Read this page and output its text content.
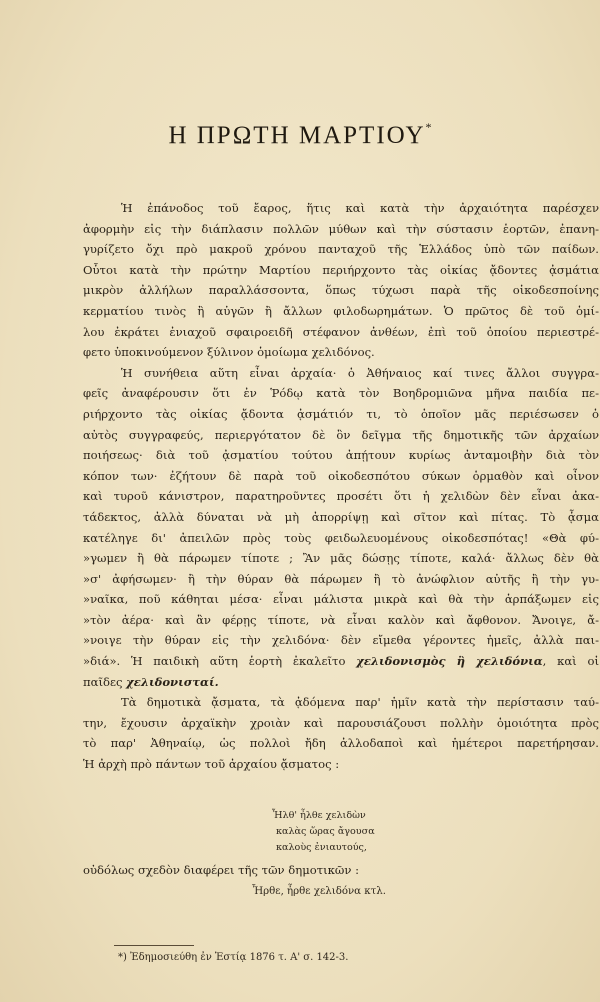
Η ΠΡΩΤΗ ΜΑΡΤΙΟΥ*
Ἡ ἐπάνοδος τοῦ ἔαρος, ἥτις καὶ κατὰ τὴν ἀρχαιότητα παρέσχεν
ἀφορμὴν εἰς τὴν διάπλασιν πολλῶν μύθων καὶ τὴν σύστασιν ἑορτῶν, ἐπανη-
γυρίζετο ὄχι πρὸ μακροῦ χρόνου πανταχοῦ τῆς Ἑλλάδος ὑπὸ τῶν παίδων.
Οὗτοι κατὰ τὴν πρώτην Μαρτίου περιήρχοντο τὰς οἰκίας ᾄδοντες ᾀσμάτια
μικρὸν ἀλλήλων παραλλάσσοντα, ὅπως τύχωσι παρὰ τῆς οἰκοδεσποίνης
κερματίου τινὸς ἢ αὐγῶν ἢ ἄλλων φιλοδωρημάτων. Ὁ πρῶτος δὲ τοῦ ὁμί-
λου ἐκράτει ἐνιαχοῦ σφαιροειδῆ στέφανον ἀνθέων, ἐπὶ τοῦ ὁποίου περιεστρέ-
φετο ὑποκινούμενον ξύλινον ὁμοίωμα χελιδόνος.
Ἡ συνήθεια αὕτη εἶναι ἀρχαία· ὁ Ἀθήναιος καί τινες ἄλλοι συγγρα-
φεῖς ἀναφέρουσιν ὅτι ἐν Ῥόδῳ κατὰ τὸν Βοηδρομιῶνα μῆνα παιδία πε-
ριήρχοντο τὰς οἰκίας ᾄδοντα ᾀσμάτιόν τι, τὸ ὁποῖον μᾶς περιέσωσεν ὁ
αὐτὸς συγγραφεύς, περιεργότατον δὲ ὂν δεῖγμα τῆς δημοτικῆς τῶν ἀρχαίων
ποιήσεως· διὰ τοῦ ᾀσματίου τούτου ἀπῄτουν κυρίως ἀνταμοιβὴν διὰ τὸν
κόπον των· ἐζήτουν δὲ παρὰ τοῦ οἰκοδεσπότου σύκων ὁρμαθὸν καὶ οἶνον
καὶ τυροῦ κάνιστρον, παρατηροῦντες προσέτι ὅτι ἡ χελιδὼν δὲν εἶναι ἀκα-
τάδεκτος, ἀλλὰ δύναται νὰ μὴ ἀπορρίψῃ καὶ σῖτον καὶ πίτας. Τὸ ᾆσμα
κατέληγε δι' ἀπειλῶν πρὸς τοὺς φειδωλευομένους οἰκοδεσπότας! «Θὰ φύ-
»γωμεν ἢ θὰ πάρωμεν τίποτε ; Ἂν μᾶς δώσῃς τίποτε, καλά· ἄλλως δὲν θὰ
»σ' ἀφήσωμεν· ἢ τὴν θύραν θὰ πάρωμεν ἢ τὸ ἀνώφλιον αὐτῆς ἢ τὴν γυ-
»ναῖκα, ποῦ κάθηται μέσα· εἶναι μάλιστα μικρὰ καὶ θὰ τὴν ἁρπάξωμεν εἰς
»τὸν ἀέρα· καὶ ἂν φέρῃς τίποτε, νὰ εἶναι καλὸν καὶ ἄφθονον. Ἄνοιγε, ἄ-
»νοιγε τὴν θύραν εἰς τὴν χελιδόνα· δὲν εἴμεθα γέροντες ἡμεῖς, ἀλλὰ παι-
»διά». Ἡ παιδικὴ αὕτη ἑορτὴ ἐκαλεῖτο χελιδονισμὸς ἢ χελιδόνια, καὶ οἱ
παῖδες χελιδονισταί.
Τὰ δημοτικὰ ᾄσματα, τὰ ᾀδόμενα παρ' ἡμῖν κατὰ τὴν περίστασιν ταύ-
την, ἔχουσιν ἀρχαϊκὴν χροιὰν καὶ παρουσιάζουσι πολλὴν ὁμοιότητα πρὸς
τὸ παρ' Ἀθηναίῳ, ὡς πολλοὶ ἤδη ἀλλοδαποὶ καὶ ἡμέτεροι παρετήρησαν.
Ἡ ἀρχὴ πρὸ πάντων τοῦ ἀρχαίου ᾄσματος :
Ἦλθ' ἦλθε χελιδὼν
καλὰς ὥρας ἄγουσα
καλοὺς ἐνιαυτούς,
οὐδόλως σχεδὸν διαφέρει τῆς τῶν δημοτικῶν :
Ἦρθε, ἦρθε χελιδόνα κτλ.
*) Ἐδημοσιεύθη ἐν Ἑστίᾳ 1876 τ. Α' σ. 142-3.
